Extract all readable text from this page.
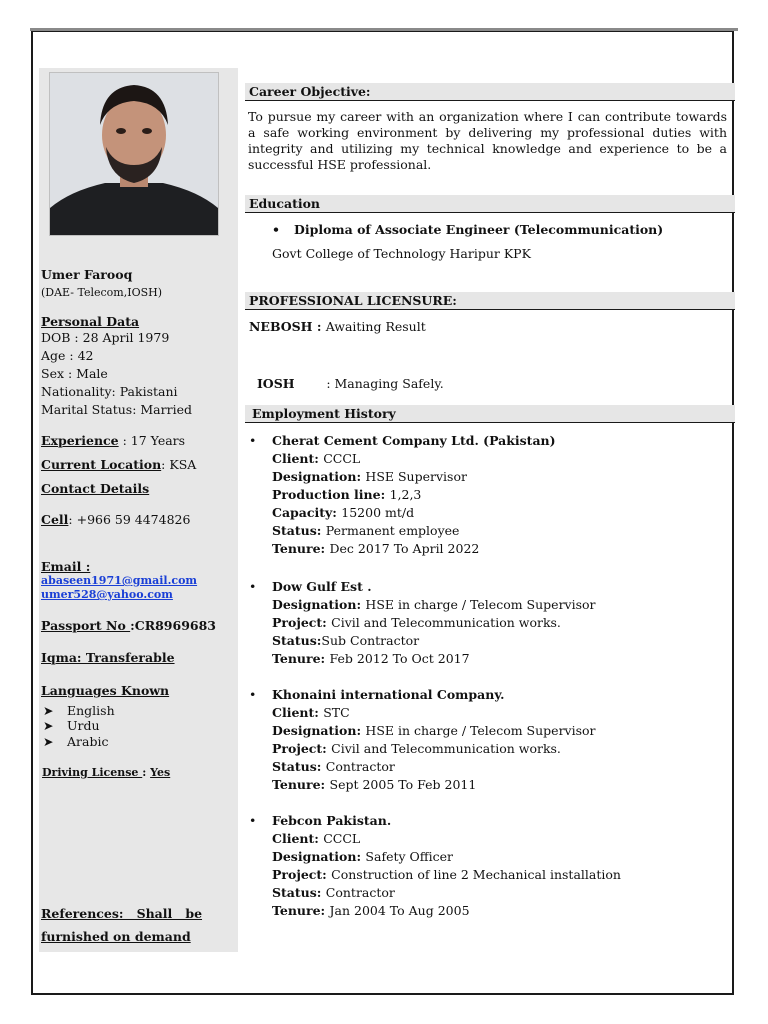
Umer Farooq
(DAE- Telecom,IOSH)
Personal Data
DOB : 28 April 1979
Age : 42
Sex : Male
Nationality: Pakistani
Marital Status: Married
Experience : 17 Years
Current Location: KSA
Contact Details
Cell: +966 59 4474826
Email :
abaseen1971@gmail.com
umer528@yahoo.com
Passport No :CR8969683
Iqma: Transferable
Languages Known
➤ English
➤ Urdu
➤ Arabic
Driving License : Yes
References:   Shall   be
furnished on demand
Career Objective:
To pursue my career with an organization where I can contribute towards a safe working environment by delivering my professional duties with integrity and utilizing my technical knowledge and experience to be a successful HSE professional.
Education
• Diploma of Associate Engineer (Telecommunication)
Govt College of Technology Haripur KPK
PROFESSIONAL LICENSURE:
NEBOSH : Awaiting Result

IOSH        : Managing Safely.

Employment History
•	Cherat Cement Company Ltd. (Pakistan)
Client: CCCL
Designation: HSE Supervisor
Production line: 1,2,3
Capacity: 15200 mt/d
Status: Permanent employee
Tenure: Dec 2017 To April 2022
•	Dow Gulf Est .
Designation: HSE in charge / Telecom Supervisor
Project: Civil and Telecommunication works.
Status:Sub Contractor
Tenure: Feb 2012 To Oct 2017
•	Khonaini international Company.
Client: STC
Designation: HSE in charge / Telecom Supervisor
Project: Civil and Telecommunication works.
Status: Contractor
Tenure: Sept 2005 To Feb 2011
•	Febcon Pakistan.
Client: CCCL
Designation: Safety Officer
Project: Construction of line 2 Mechanical installation
Status: Contractor
Tenure: Jan 2004 To Aug 2005
